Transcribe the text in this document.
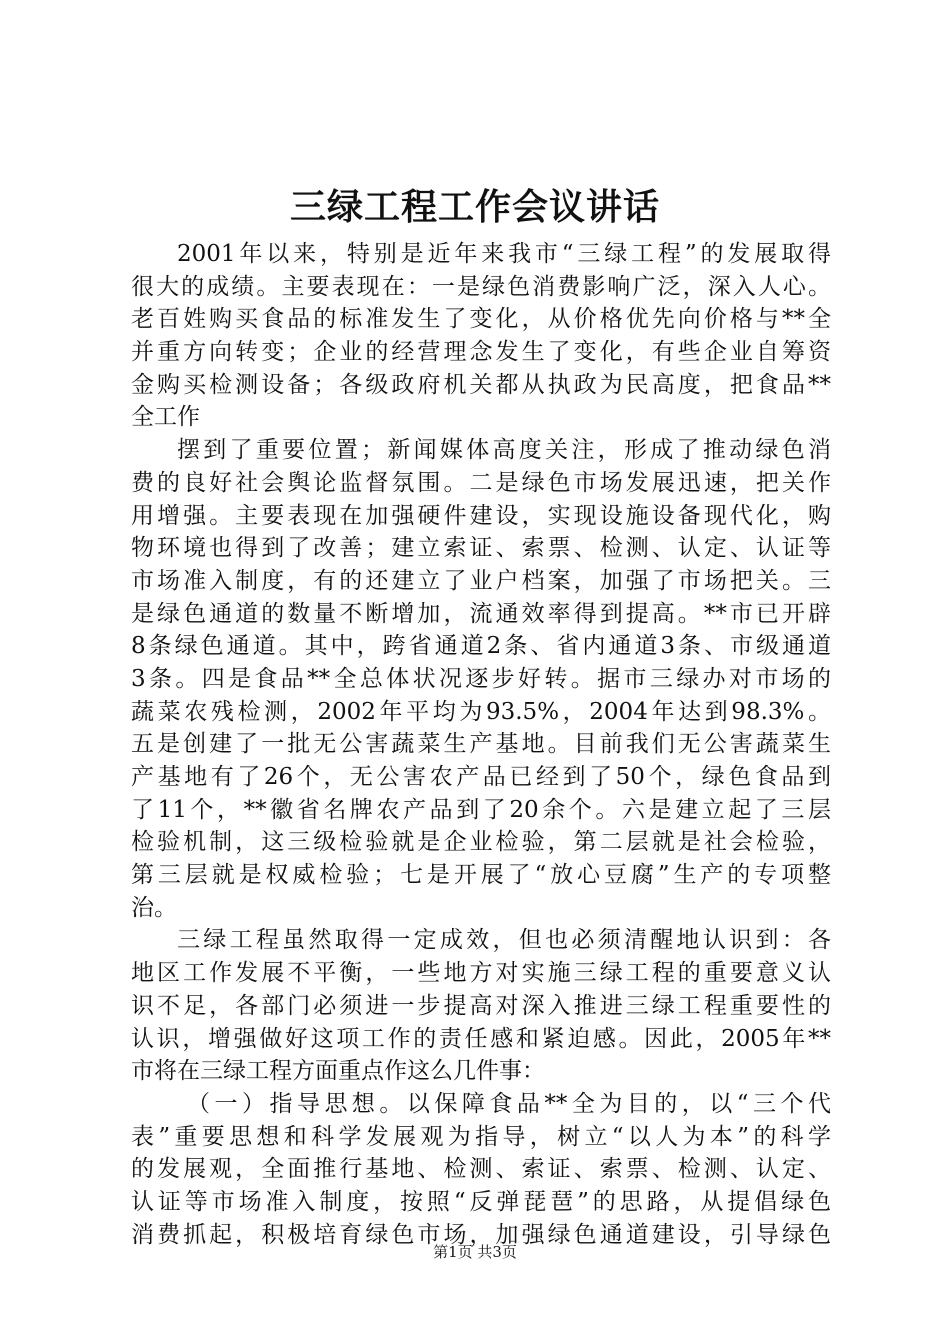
三绿工程工作会议讲话
2001年以来，特别是近年来我市“三绿工程”的发展取得
很大的成绩。主要表现在：一是绿色消费影响广泛，深入人心。
老百姓购买食品的标准发生了变化，从价格优先向价格与**全
并重方向转变；企业的经营理念发生了变化，有些企业自筹资
金购买检测设备；各级政府机关都从执政为民高度，把食品**
全工作
摆到了重要位置；新闻媒体高度关注，形成了推动绿色消
费的良好社会舆论监督氛围。二是绿色市场发展迅速，把关作
用增强。主要表现在加强硬件建设，实现设施设备现代化，购
物环境也得到了改善；建立索证、索票、检测、认定、认证等
市场准入制度，有的还建立了业户档案，加强了市场把关。三
是绿色通道的数量不断增加，流通效率得到提高。**市已开辟
8条绿色通道。其中，跨省通道2条、省内通道3条、市级通道
3条。四是食品**全总体状况逐步好转。据市三绿办对市场的
蔬菜农残检测，2002年平均为93.5%，2004年达到98.3%。
五是创建了一批无公害蔬菜生产基地。目前我们无公害蔬菜生
产基地有了26个，无公害农产品已经到了50个，绿色食品到
了11个，**徽省名牌农产品到了20余个。六是建立起了三层
检验机制，这三级检验就是企业检验，第二层就是社会检验，
第三层就是权威检验；七是开展了“放心豆腐”生产的专项整
治。
三绿工程虽然取得一定成效，但也必须清醒地认识到：各
地区工作发展不平衡，一些地方对实施三绿工程的重要意义认
识不足，各部门必须进一步提高对深入推进三绿工程重要性的
认识，增强做好这项工作的责任感和紧迫感。因此，2005年**
市将在三绿工程方面重点作这么几件事：
（一）指导思想。以保障食品**全为目的，以“三个代
表”重要思想和科学发展观为指导，树立“以人为本”的科学
的发展观，全面推行基地、检测、索证、索票、检测、认定、
认证等市场准入制度，按照“反弹琵琶”的思路，从提倡绿色
消费抓起，积极培育绿色市场，加强绿色通道建设，引导绿色
第1页 共3页
